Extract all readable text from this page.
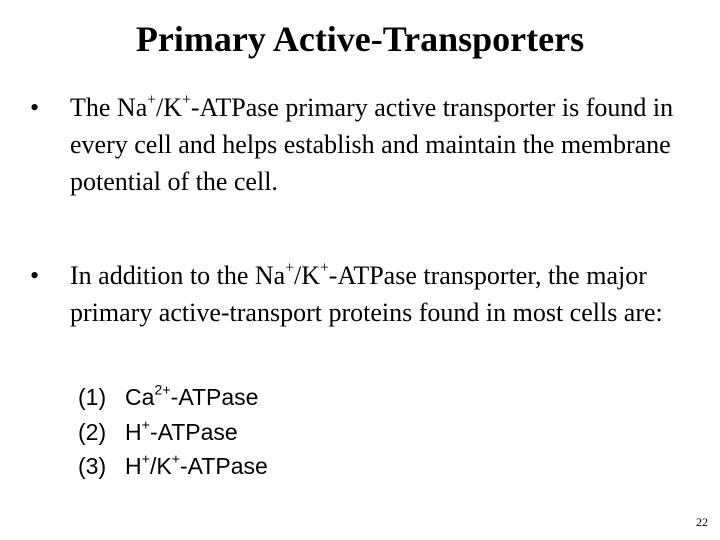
Primary Active-Transporters
•	The Na+/K+-ATPase primary active transporter is found in every cell and helps establish and maintain the membrane potential of the cell.
•	In addition to the Na+/K+-ATPase transporter, the major primary active-transport proteins found in most cells are:
(1) $Ca^{2+}$-ATPase
(2) H+-ATPase
(3) H+/K+-ATPase
22
